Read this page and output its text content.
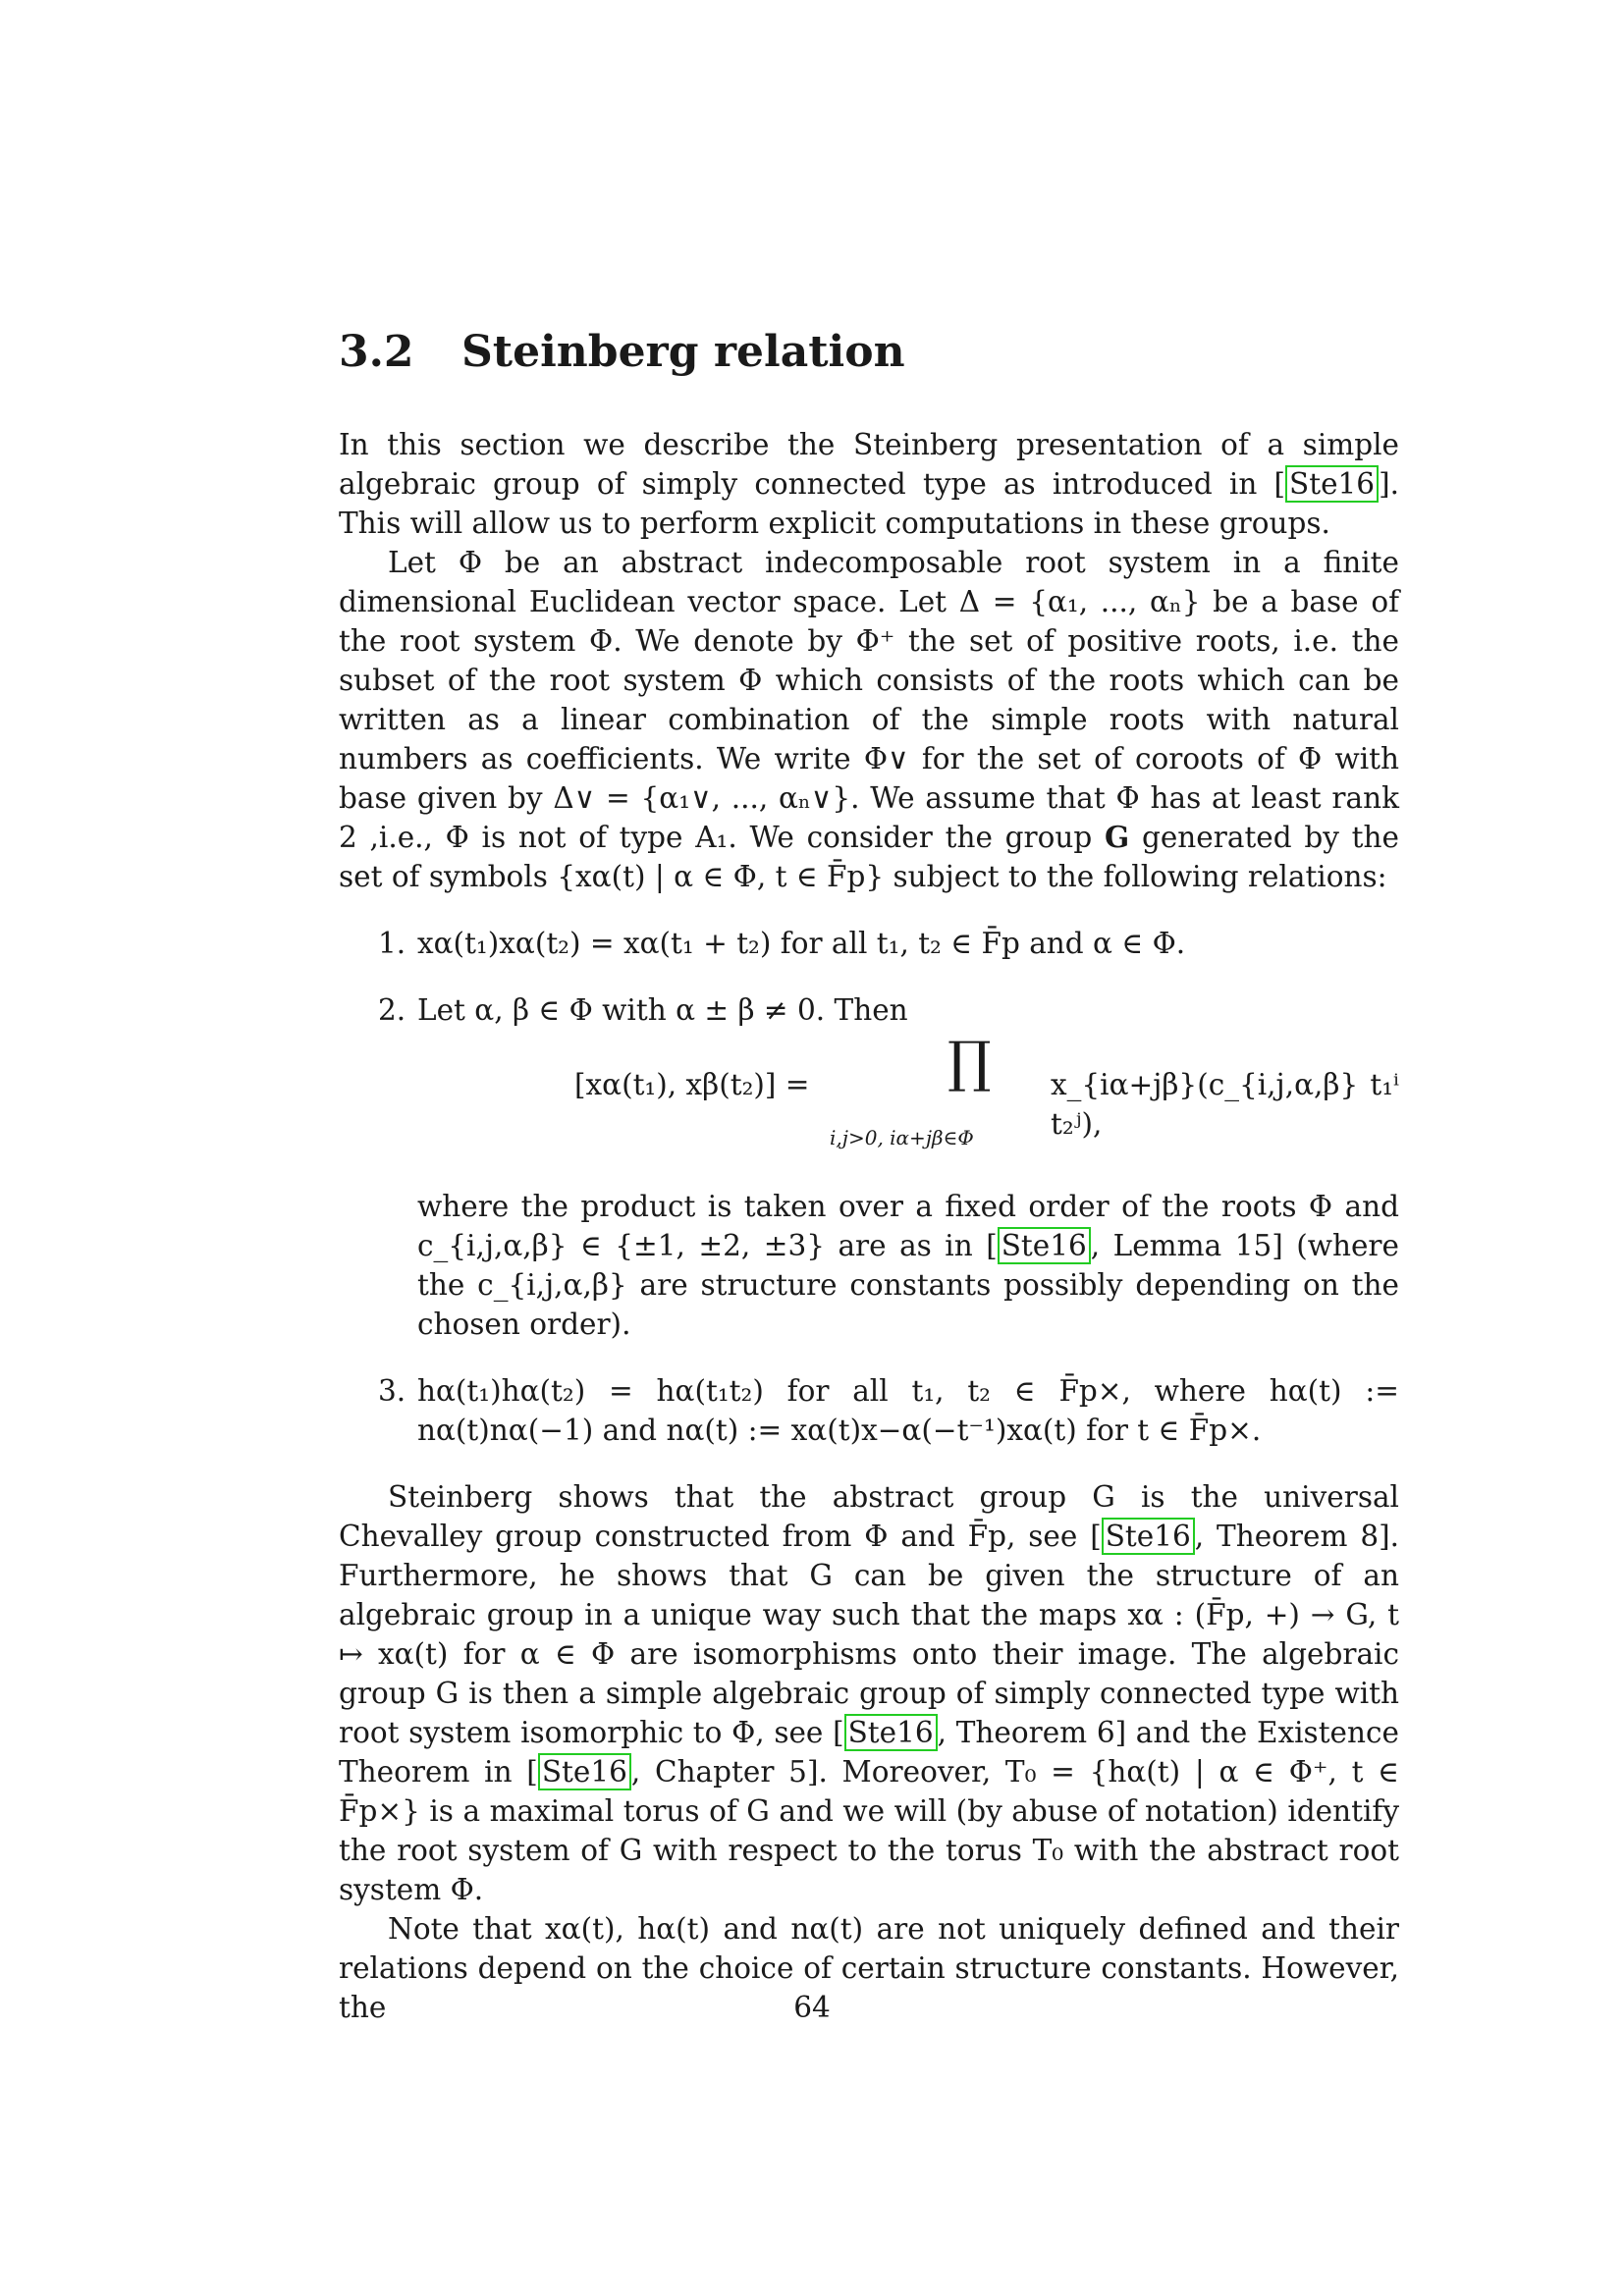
3.2 Steinberg relation

In this section we describe the Steinberg presentation of a simple algebraic group of simply connected type as introduced in [ Ste16 ]. This will allow us to perform explicit computations in these groups.

Let Φ be an abstract indecomposable root system in a finite dimensional Euclidean vector space. Let Δ = {α₁, ..., αₙ} be a base of the root system Φ. We denote by Φ⁺ the set of positive roots, i.e. the subset of the root system Φ which consists of the roots which can be written as a linear combination of the simple roots with natural numbers as coefficients. We write Φ∨ for the set of coroots of Φ with base given by Δ∨ = {α₁∨, ..., αₙ∨}. We assume that Φ has at least rank 2 ,i.e., Φ is not of type A₁. We consider the group G generated by the set of symbols {xα(t) | α ∈ Φ, t ∈ F̄p} subject to the following relations:

1. xα(t₁)xα(t₂) = xα(t₁ + t₂) for all t₁, t₂ ∈ F̄p and α ∈ Φ.
2. Let α, β ∈ Φ with α ± β ≠ 0. Then
[xα(t₁), xβ(t₂)] =	∏
i,j>0, iα+jβ∈Φ
x_{iα+jβ}(c_{i,j,α,β} t₁ⁱ t₂ʲ),
where the product is taken over a fixed order of the roots Φ and c_{i,j,α,β} ∈ {±1, ±2, ±3} are as in [ Ste16 , Lemma 15] (where the c_{i,j,α,β} are structure constants possibly depending on the chosen order).
3. hα(t₁)hα(t₂) = hα(t₁t₂) for all t₁, t₂ ∈ F̄p×, where hα(t) := nα(t)nα(−1) and nα(t) := xα(t)x−α(−t⁻¹)xα(t) for t ∈ F̄p×.

Steinberg shows that the abstract group G is the universal Chevalley group constructed from Φ and F̄p, see [ Ste16 , Theorem 8]. Furthermore, he shows that G can be given the structure of an algebraic group in a unique way such that the maps xα : (F̄p, +) → G, t ↦ xα(t) for α ∈ Φ are isomorphisms onto their image. The algebraic group G is then a simple algebraic group of simply connected type with root system isomorphic to Φ, see [ Ste16 , Theorem 6] and the Existence Theorem in [ Ste16 , Chapter 5]. Moreover, T₀ = {hα(t) | α ∈ Φ⁺, t ∈ F̄p×} is a maximal torus of G and we will (by abuse of notation) identify the root system of G with respect to the torus T₀ with the abstract root system Φ.

Note that xα(t), hα(t) and nα(t) are not uniquely defined and their relations depend on the choice of certain structure constants. However, the	64
